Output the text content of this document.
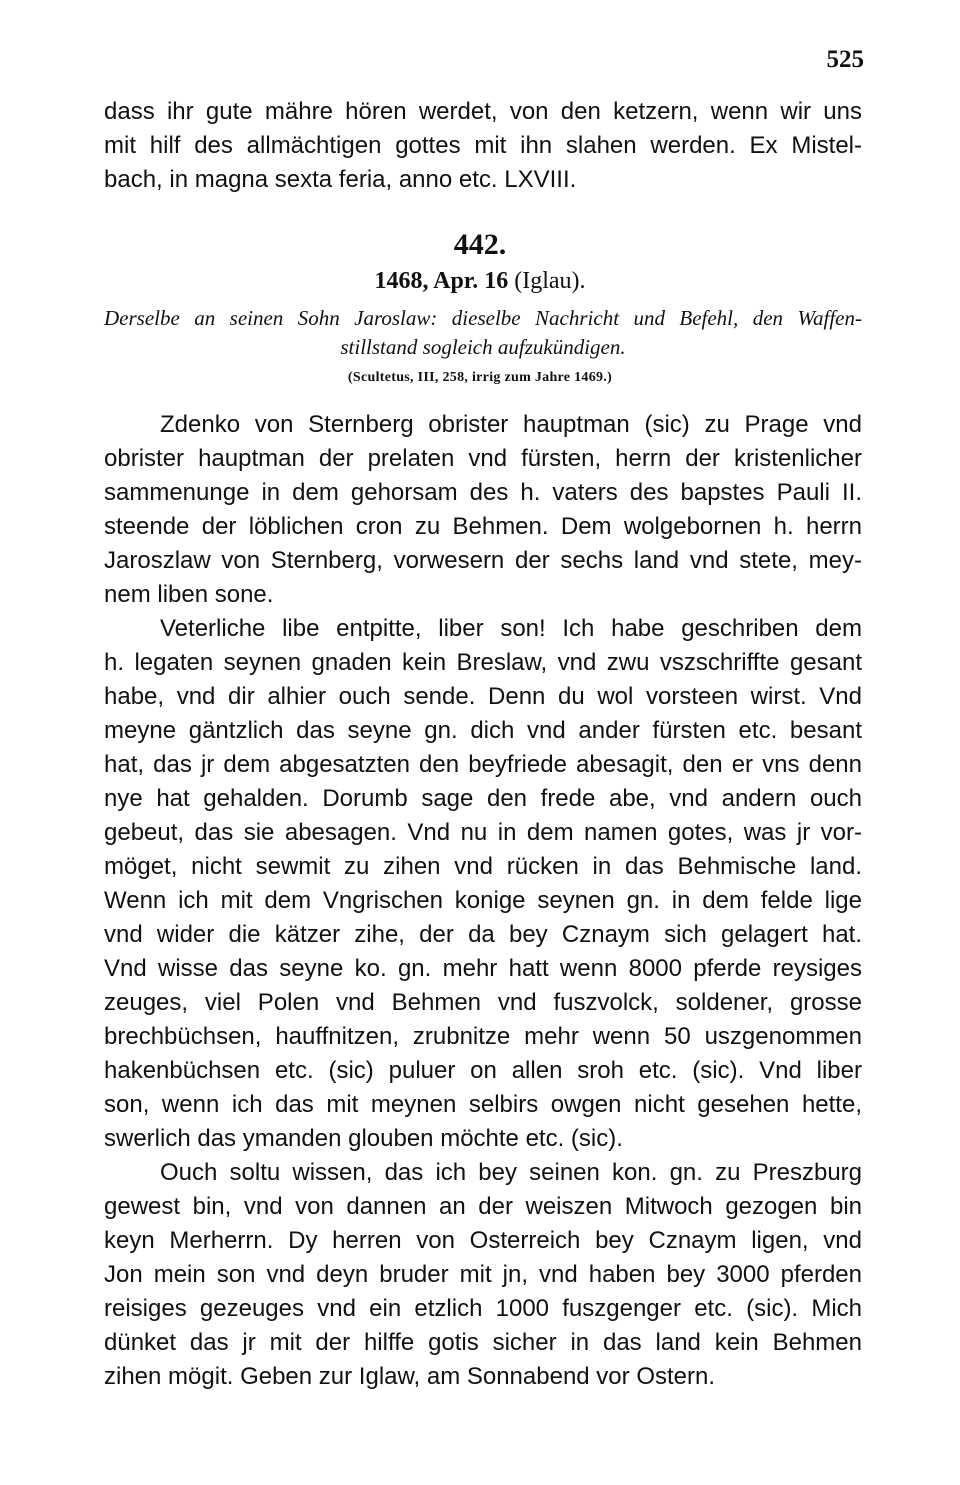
525
dass ihr gute mähre hören werdet, von den ketzern, wenn wir uns
mit hilf des allmächtigen gottes mit ihn slahen werden. Ex Mistel-
bach, in magna sexta feria, anno etc. LXVIII.
442.
1468, Apr. 16 (Iglau).
Derselbe an seinen Sohn Jaroslaw: dieselbe Nachricht und Befehl, den Waffen-
stillstand sogleich aufzukündigen.
(Scultetus, III, 258, irrig zum Jahre 1469.)
Zdenko von Sternberg obrister hauptman (sic) zu Prage vnd
obrister hauptman der prelaten vnd fürsten, herrn der kristenlicher
sammenunge in dem gehorsam des h. vaters des bapstes Pauli II.
steende der löblichen cron zu Behmen. Dem wolgebornen h. herrn
Jaroszlaw von Sternberg, vorwesern der sechs land vnd stete, mey-
nem liben sone.
Veterliche libe entpitte, liber son! Ich habe geschriben dem
h. legaten seynen gnaden kein Breslaw, vnd zwu vszschriffte gesant
habe, vnd dir alhier ouch sende. Denn du wol vorsteen wirst. Vnd
meyne gäntzlich das seyne gn. dich vnd ander fürsten etc. besant
hat, das jr dem abgesatzten den beyfriede abesagit, den er vns denn
nye hat gehalden. Dorumb sage den frede abe, vnd andern ouch
gebeut, das sie abesagen. Vnd nu in dem namen gotes, was jr vor-
möget, nicht sewmit zu zihen vnd rücken in das Behmische land.
Wenn ich mit dem Vngrischen konige seynen gn. in dem felde lige
vnd wider die kätzer zihe, der da bey Cznaym sich gelagert hat.
Vnd wisse das seyne ko. gn. mehr hatt wenn 8000 pferde reysiges
zeuges, viel Polen vnd Behmen vnd fuszvolck, soldener, grosse
brechbüchsen, hauffnitzen, zrubnitze mehr wenn 50 uszgenommen
hakenbüchsen etc. (sic) puluer on allen sroh etc. (sic). Vnd liber
son, wenn ich das mit meynen selbirs owgen nicht gesehen hette,
swerlich das ymanden glouben möchte etc. (sic).
Ouch soltu wissen, das ich bey seinen kon. gn. zu Preszburg
gewest bin, vnd von dannen an der weiszen Mitwoch gezogen bin
keyn Merherrn. Dy herren von Osterreich bey Cznaym ligen, vnd
Jon mein son vnd deyn bruder mit jn, vnd haben bey 3000 pferden
reisiges gezeuges vnd ein etzlich 1000 fuszgenger etc. (sic). Mich
dünket das jr mit der hilffe gotis sicher in das land kein Behmen
zihen mögit. Geben zur Iglaw, am Sonnabend vor Ostern.
